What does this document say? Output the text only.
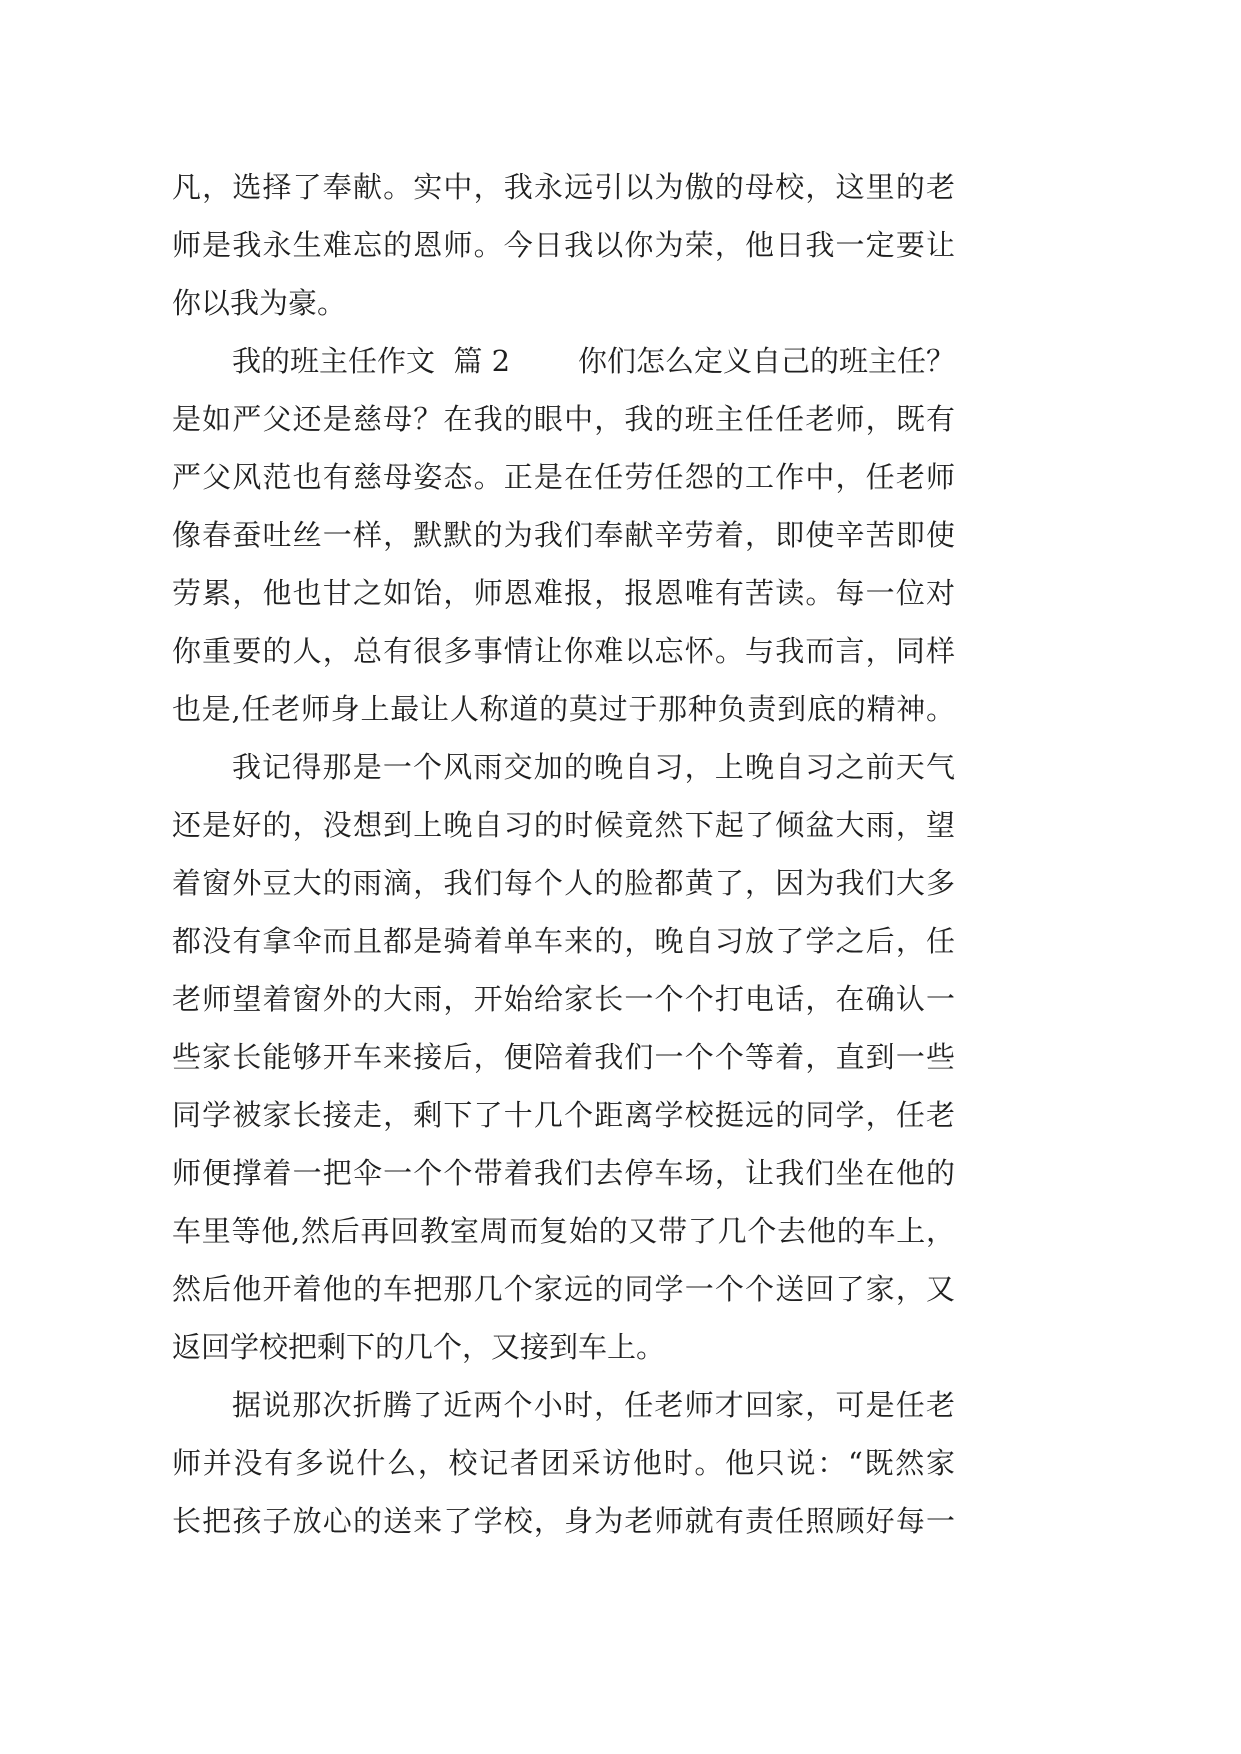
凡，选择了奉献。实中，我永远引以为傲的母校，这里的老
师是我永生难忘的恩师。今日我以你为荣，他日我一定要让
你以我为豪。
我的班主任作文  篇 2 你们怎么定义自己的班主任？
是如严父还是慈母？在我的眼中，我的班主任任老师，既有
严父风范也有慈母姿态。正是在任劳任怨的工作中，任老师
像春蚕吐丝一样，默默的为我们奉献辛劳着，即使辛苦即使
劳累，他也甘之如饴，师恩难报，报恩唯有苦读。每一位对
你重要的人，总有很多事情让你难以忘怀。与我而言，同样
也是,任老师身上最让人称道的莫过于那种负责到底的精神。
我记得那是一个风雨交加的晚自习，上晚自习之前天气
还是好的，没想到上晚自习的时候竟然下起了倾盆大雨，望
着窗外豆大的雨滴，我们每个人的脸都黄了，因为我们大多
都没有拿伞而且都是骑着单车来的，晚自习放了学之后，任
老师望着窗外的大雨，开始给家长一个个打电话，在确认一
些家长能够开车来接后，便陪着我们一个个等着，直到一些
同学被家长接走，剩下了十几个距离学校挺远的同学，任老
师便撑着一把伞一个个带着我们去停车场，让我们坐在他的
车里等他,然后再回教室周而复始的又带了几个去他的车上，
然后他开着他的车把那几个家远的同学一个个送回了家，又
返回学校把剩下的几个，又接到车上。
据说那次折腾了近两个小时，任老师才回家，可是任老
师并没有多说什么，校记者团采访他时。他只说：“既然家
长把孩子放心的送来了学校，身为老师就有责任照顾好每一
